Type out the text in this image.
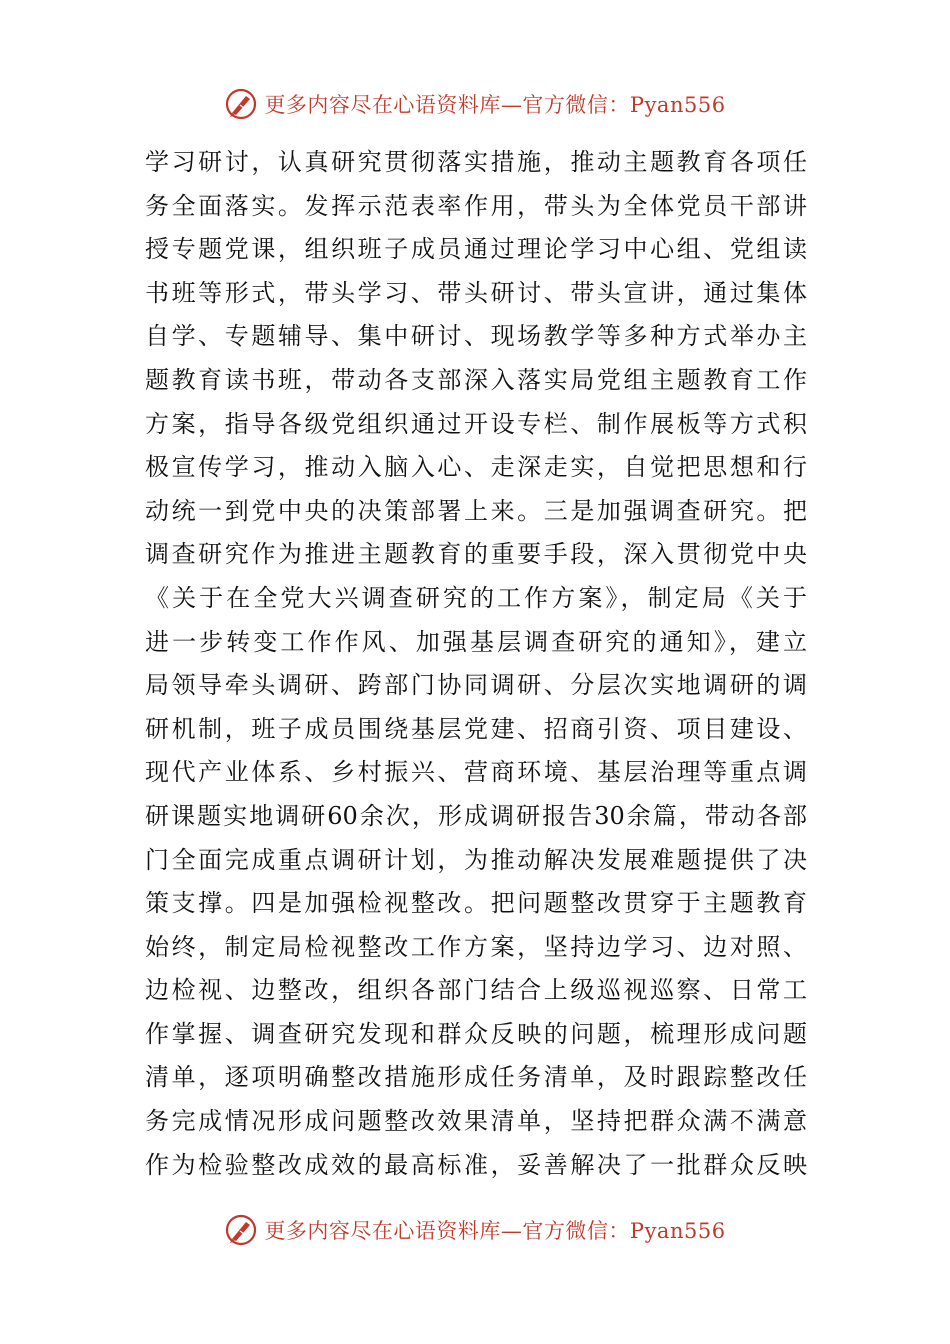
更多内容尽在心语资料库—官方微信：Pyan556
学习研讨，认真研究贯彻落实措施，推动主题教育各项任
务全面落实。发挥示范表率作用，带头为全体党员干部讲
授专题党课，组织班子成员通过理论学习中心组、党组读
书班等形式，带头学习、带头研讨、带头宣讲，通过集体
自学、专题辅导、集中研讨、现场教学等多种方式举办主
题教育读书班，带动各支部深入落实局党组主题教育工作
方案，指导各级党组织通过开设专栏、制作展板等方式积
极宣传学习，推动入脑入心、走深走实，自觉把思想和行
动统一到党中央的决策部署上来。三是加强调查研究。把
调查研究作为推进主题教育的重要手段，深入贯彻党中央
《关于在全党大兴调查研究的工作方案》，制定局《关于
进一步转变工作作风、加强基层调查研究的通知》，建立
局领导牵头调研、跨部门协同调研、分层次实地调研的调
研机制，班子成员围绕基层党建、招商引资、项目建设、
现代产业体系、乡村振兴、营商环境、基层治理等重点调
研课题实地调研60余次，形成调研报告30余篇，带动各部
门全面完成重点调研计划，为推动解决发展难题提供了决
策支撑。四是加强检视整改。把问题整改贯穿于主题教育
始终，制定局检视整改工作方案，坚持边学习、边对照、
边检视、边整改，组织各部门结合上级巡视巡察、日常工
作掌握、调查研究发现和群众反映的问题，梳理形成问题
清单，逐项明确整改措施形成任务清单，及时跟踪整改任
务完成情况形成问题整改效果清单，坚持把群众满不满意
作为检验整改成效的最高标准，妥善解决了一批群众反映
更多内容尽在心语资料库—官方微信：Pyan556
